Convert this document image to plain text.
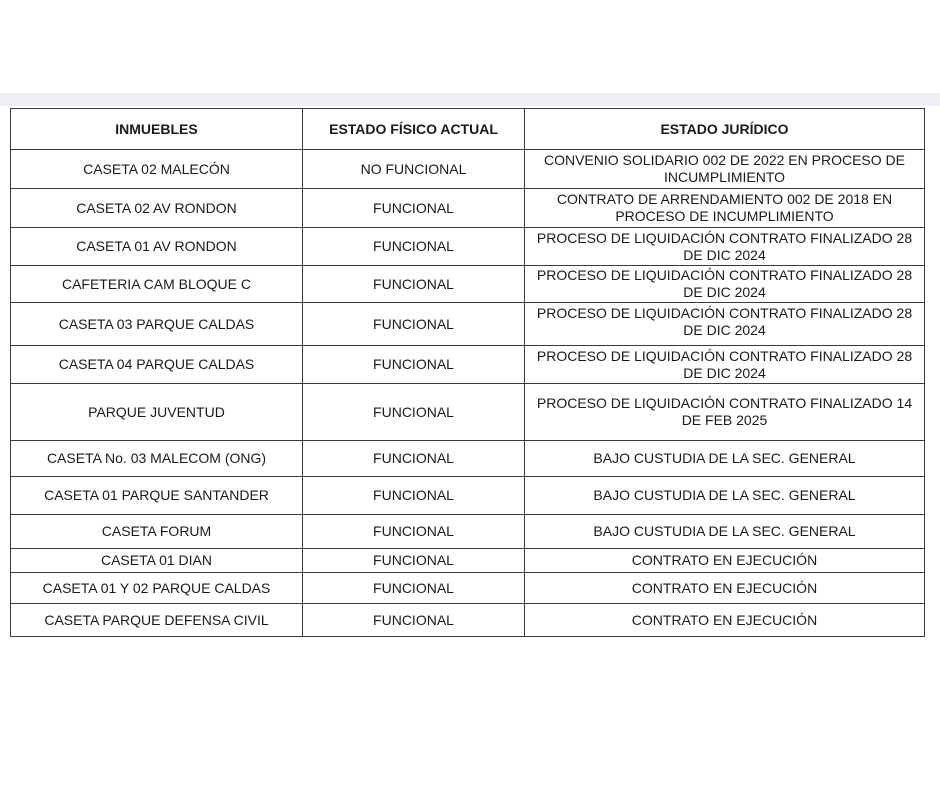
INMUEBLES	ESTADO FÍSICO ACTUAL	ESTADO JURÍDICO
CASETA 02 MALECÓN	NO FUNCIONAL	CONVENIO SOLIDARIO 002 DE 2022 EN PROCESO DE INCUMPLIMIENTO
CASETA 02 AV RONDON	FUNCIONAL	CONTRATO DE ARRENDAMIENTO 002 DE 2018 EN PROCESO DE INCUMPLIMIENTO
CASETA 01 AV RONDON	FUNCIONAL	PROCESO DE LIQUIDACIÓN CONTRATO FINALIZADO 28 DE DIC 2024
CAFETERIA CAM BLOQUE C	FUNCIONAL	PROCESO DE LIQUIDACIÓN CONTRATO FINALIZADO 28 DE DIC 2024
CASETA 03 PARQUE CALDAS	FUNCIONAL	PROCESO DE LIQUIDACIÓN CONTRATO FINALIZADO 28 DE DIC 2024
CASETA 04 PARQUE CALDAS	FUNCIONAL	PROCESO DE LIQUIDACIÓN CONTRATO FINALIZADO 28 DE DIC 2024
PARQUE JUVENTUD	FUNCIONAL	PROCESO DE LIQUIDACIÓN CONTRATO FINALIZADO 14 DE FEB 2025
CASETA No. 03 MALECOM (ONG)	FUNCIONAL	BAJO CUSTUDIA DE LA SEC. GENERAL
CASETA 01 PARQUE SANTANDER	FUNCIONAL	BAJO CUSTUDIA DE LA SEC. GENERAL
CASETA FORUM	FUNCIONAL	BAJO CUSTUDIA DE LA SEC. GENERAL
CASETA 01 DIAN	FUNCIONAL	CONTRATO EN EJECUCIÓN
CASETA 01 Y 02 PARQUE CALDAS	FUNCIONAL	CONTRATO EN EJECUCIÓN
CASETA PARQUE DEFENSA CIVIL	FUNCIONAL	CONTRATO EN EJECUCIÓN
